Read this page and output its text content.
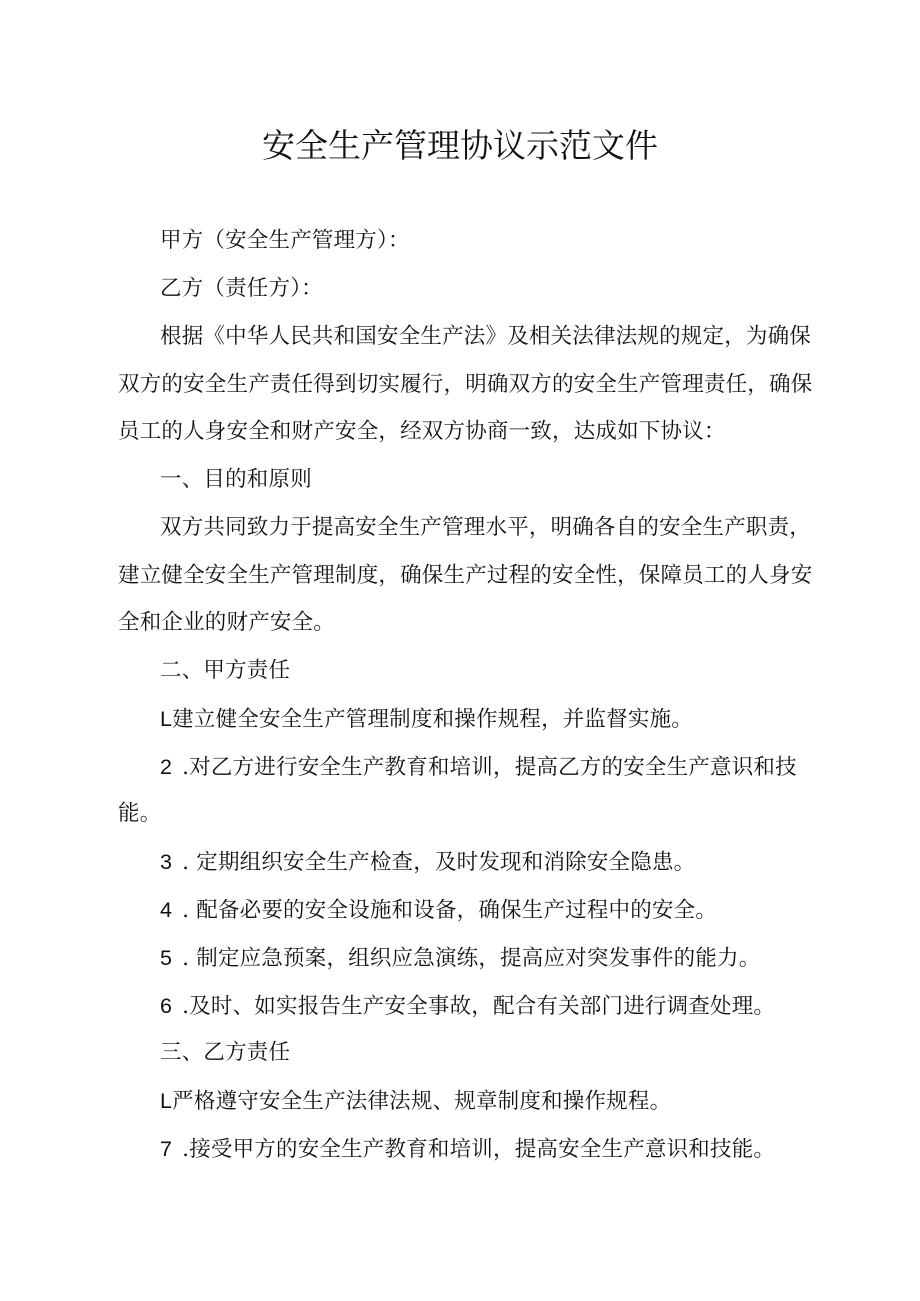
安全生产管理协议示范文件
甲方（安全生产管理方）：
乙方（责任方）：
根据《中华人民共和国安全生产法》及相关法律法规的规定，为确保
双方的安全生产责任得到切实履行，明确双方的安全生产管理责任，确保
员工的人身安全和财产安全，经双方协商一致，达成如下协议：
一、目的和原则
双方共同致力于提高安全生产管理水平，明确各自的安全生产职责，
建立健全安全生产管理制度，确保生产过程的安全性，保障员工的人身安
全和企业的财产安全。
二、甲方责任
L建立健全安全生产管理制度和操作规程，并监督实施。
2 .对乙方进行安全生产教育和培训，提高乙方的安全生产意识和技
能。
3 . 定期组织安全生产检查，及时发现和消除安全隐患。
4 . 配备必要的安全设施和设备，确保生产过程中的安全。
5 . 制定应急预案，组织应急演练，提高应对突发事件的能力。
6 .及时、如实报告生产安全事故，配合有关部门进行调查处理。
三、乙方责任
L严格遵守安全生产法律法规、规章制度和操作规程。
7 .接受甲方的安全生产教育和培训，提高安全生产意识和技能。
